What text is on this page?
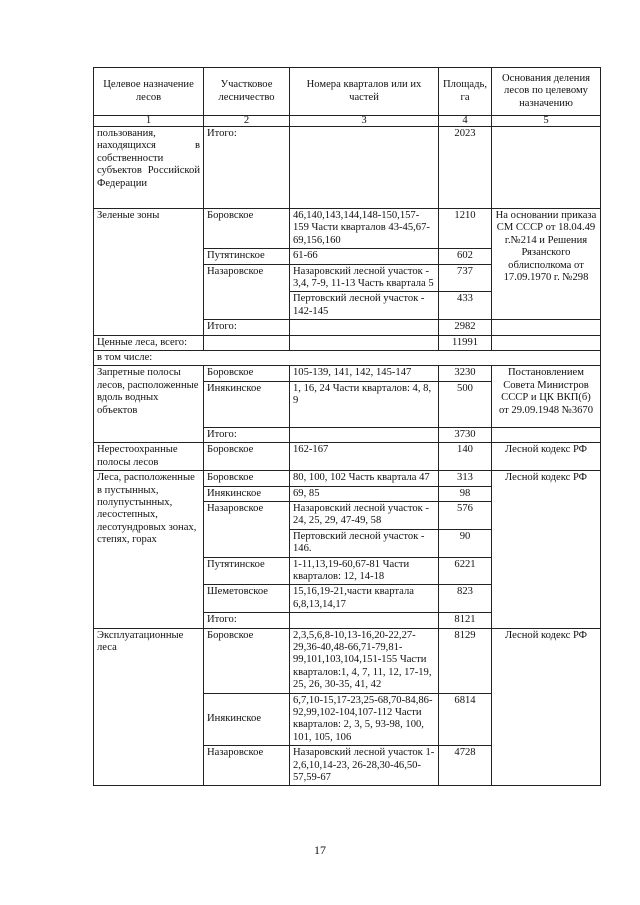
Целевое назначение лесов	Участковое лесничество	Номера кварталов или их частей	Площадь, га	Основания деления лесов по целевому назначению
1	2	3	4	5
пользования, находящихся в собственности субъектов Российской Федерации	Итого:		2023	
Зеленые зоны	Боровское	46,140,143,144,148-150,157-159 Части кварталов 43-45,67-69,156,160	1210	На основании приказа СМ СССР от 18.04.49 г.№214 и Решения Рязанского облисполкома от 17.09.1970 г. №298
	Путятинское	61-66	602	
	Назаровское	Назаровский лесной участок - 3,4, 7-9, 11-13 Часть квартала 5	737	
		Пертовский лесной участок - 142-145	433	
	Итого:		2982	
Ценные леса, всего:			11991	
в том числе:				
Запретные полосы лесов, расположенные вдоль водных объектов	Боровское	105-139, 141, 142, 145-147	3230	Постановлением Совета Министров СССР и ЦК ВКП(б) от 29.09.1948 №3670
	Инякинское	1, 16, 24 Части кварталов: 4, 8, 9	500	
	Итого:		3730	
Нерестоохранные полосы лесов	Боровское	162-167	140	Лесной кодекс РФ
Леса, расположенные в пустынных, полупустынных, лесостепных, лесотундровых зонах, степях, горах	Боровское	80, 100, 102 Часть квартала 47	313	Лесной кодекс РФ
	Инякинское	69, 85	98	
	Назаровское	Назаровский лесной участок - 24, 25, 29, 47-49, 58	576	
		Пертовский лесной участок - 146.	90	
	Путятинское	1-11,13,19-60,67-81 Части кварталов: 12, 14-18	6221	
	Шеметовское	15,16,19-21,части квартала 6,8,13,14,17	823	
	Итого:		8121	
Эксплуатационные леса	Боровское	2,3,5,6,8-10,13-16,20-22,27-29,36-40,48-66,71-79,81-99,101,103,104,151-155 Части кварталов:1, 4, 7, 11, 12, 17-19, 25, 26, 30-35, 41, 42	8129	Лесной кодекс РФ
	Инякинское	6,7,10-15,17-23,25-68,70-84,86-92,99,102-104,107-112 Части кварталов: 2, 3, 5, 93-98, 100, 101, 105, 106	6814	
	Назаровское	Назаровский лесной участок 1-2,6,10,14-23, 26-28,30-46,50-57,59-67	4728	
17
